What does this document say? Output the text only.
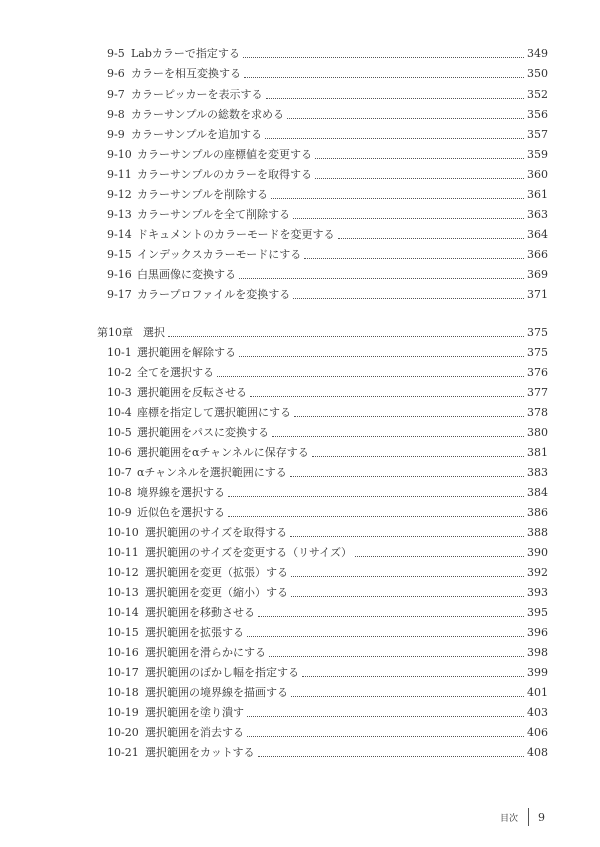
9-5 Labカラーで指定する	349
9-6 カラーを相互変換する	350
9-7 カラーピッカーを表示する	352
9-8 カラーサンプルの総数を求める	356
9-9 カラーサンプルを追加する	357
9-10 カラーサンプルの座標値を変更する	359
9-11 カラーサンプルのカラーを取得する	360
9-12 カラーサンプルを削除する	361
9-13 カラーサンプルを全て削除する	363
9-14 ドキュメントのカラーモードを変更する	364
9-15 インデックスカラーモードにする	366
9-16 白黒画像に変換する	369
9-17 カラープロファイルを変換する	371
第10章 選択	375
10-1 選択範囲を解除する	375
10-2 全てを選択する	376
10-3 選択範囲を反転させる	377
10-4 座標を指定して選択範囲にする	378
10-5 選択範囲をパスに変換する	380
10-6 選択範囲をαチャンネルに保存する	381
10-7 αチャンネルを選択範囲にする	383
10-8 境界線を選択する	384
10-9 近似色を選択する	386
10-10 選択範囲のサイズを取得する	388
10-11 選択範囲のサイズを変更する（リサイズ）	390
10-12 選択範囲を変更（拡張）する	392
10-13 選択範囲を変更（縮小）する	393
10-14 選択範囲を移動させる	395
10-15 選択範囲を拡張する	396
10-16 選択範囲を滑らかにする	398
10-17 選択範囲のぼかし幅を指定する	399
10-18 選択範囲の境界線を描画する	401
10-19 選択範囲を塗り潰す	403
10-20 選択範囲を消去する	406
10-21 選択範囲をカットする	408
目次 9
